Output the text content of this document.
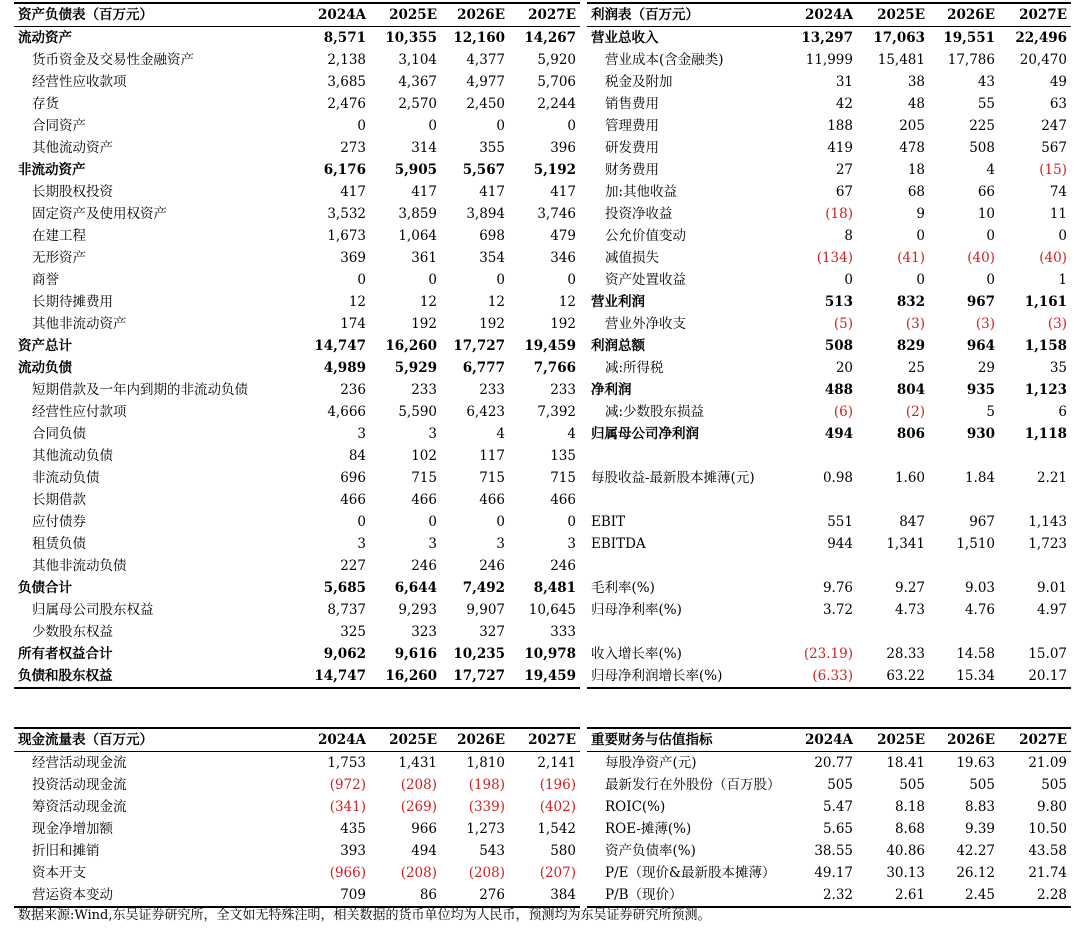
资产负债表（百万元）	2024A	2025E	2026E	2027E
流动资产	8,571	10,355	12,160	14,267
货币资金及交易性金融资产	2,138	3,104	4,377	5,920
经营性应收款项	3,685	4,367	4,977	5,706
存货	2,476	2,570	2,450	2,244
合同资产	0	0	0	0
其他流动资产	273	314	355	396
非流动资产	6,176	5,905	5,567	5,192
长期股权投资	417	417	417	417
固定资产及使用权资产	3,532	3,859	3,894	3,746
在建工程	1,673	1,064	698	479
无形资产	369	361	354	346
商誉	0	0	0	0
长期待摊费用	12	12	12	12
其他非流动资产	174	192	192	192
资产总计	14,747	16,260	17,727	19,459
流动负债	4,989	5,929	6,777	7,766
短期借款及一年内到期的非流动负债	236	233	233	233
经营性应付款项	4,666	5,590	6,423	7,392
合同负债	3	3	4	4
其他流动负债	84	102	117	135
非流动负债	696	715	715	715
长期借款	466	466	466	466
应付债券	0	0	0	0
租赁负债	3	3	3	3
其他非流动负债	227	246	246	246
负债合计	5,685	6,644	7,492	8,481
归属母公司股东权益	8,737	9,293	9,907	10,645
少数股东权益	325	323	327	333
所有者权益合计	9,062	9,616	10,235	10,978
负债和股东权益	14,747	16,260	17,727	19,459
利润表（百万元）	2024A	2025E	2026E	2027E
营业总收入	13,297	17,063	19,551	22,496
营业成本(含金融类)	11,999	15,481	17,786	20,470
税金及附加	31	38	43	49
销售费用	42	48	55	63
管理费用	188	205	225	247
研发费用	419	478	508	567
财务费用	27	18	4	(15)
加:其他收益	67	68	66	74
投资净收益	(18)	9	10	11
公允价值变动	8	0	0	0
减值损失	(134)	(41)	(40)	(40)
资产处置收益	0	0	0	1
营业利润	513	832	967	1,161
营业外净收支	(5)	(3)	(3)	(3)
利润总额	508	829	964	1,158
减:所得税	20	25	29	35
净利润	488	804	935	1,123
减:少数股东损益	(6)	(2)	5	6
归属母公司净利润	494	806	930	1,118

每股收益-最新股本摊薄(元)	0.98	1.60	1.84	2.21

EBIT	551	847	967	1,143
EBITDA	944	1,341	1,510	1,723

毛利率(%)	9.76	9.27	9.03	9.01
归母净利率(%)	3.72	4.73	4.76	4.97

收入增长率(%)	(23.19)	28.33	14.58	15.07
归母净利润增长率(%)	(6.33)	63.22	15.34	20.17
现金流量表（百万元）	2024A	2025E	2026E	2027E
经营活动现金流	1,753	1,431	1,810	2,141
投资活动现金流	(972)	(208)	(198)	(196)
筹资活动现金流	(341)	(269)	(339)	(402)
现金净增加额	435	966	1,273	1,542
折旧和摊销	393	494	543	580
资本开支	(966)	(208)	(208)	(207)
营运资本变动	709	86	276	384
重要财务与估值指标	2024A	2025E	2026E	2027E
每股净资产(元)	20.77	18.41	19.63	21.09
最新发行在外股份（百万股）	505	505	505	505
ROIC(%)	5.47	8.18	8.83	9.80
ROE-摊薄(%)	5.65	8.68	9.39	10.50
资产负债率(%)	38.55	40.86	42.27	43.58
P/E（现价&最新股本摊薄）	49.17	30.13	26.12	21.74
P/B（现价）	2.32	2.61	2.45	2.28
数据来源:Wind,东吴证券研究所，全文如无特殊注明，相关数据的货币单位均为人民币，预测均为东吴证券研究所预测。
